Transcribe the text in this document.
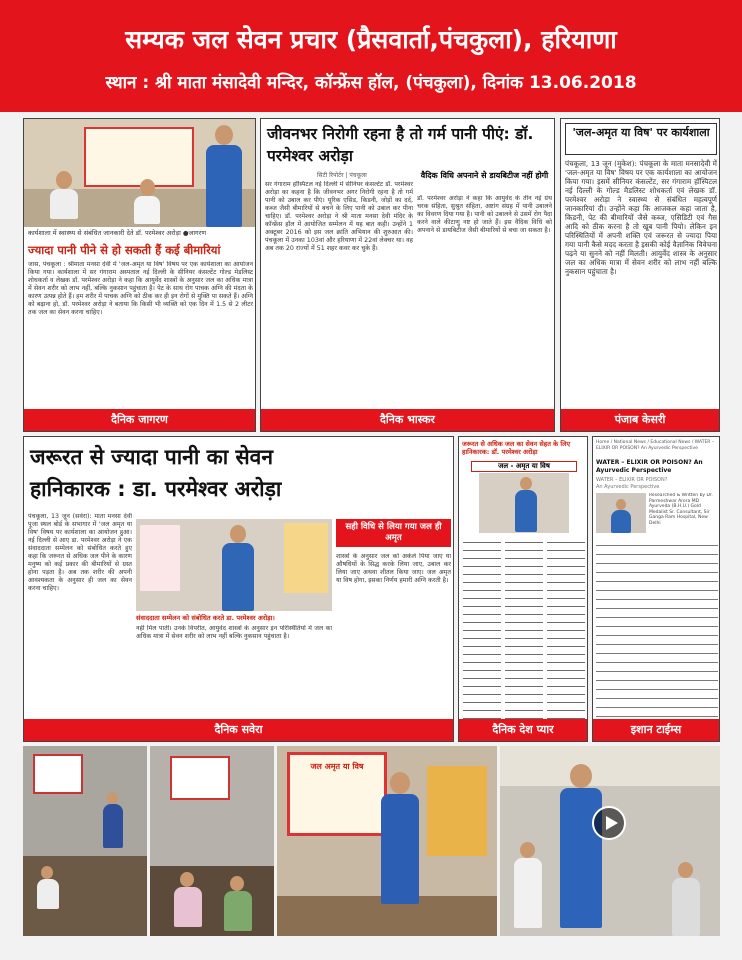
सम्यक जल सेवन प्रचार (प्रैसवार्ता,पंचकुला), हरियाणा
स्थान : श्री माता मंसादेवी मन्दिर, कॉन्फ्रेंस हॉल, (पंचकुला), दिनांक 13.06.2018
कार्यशाला में स्वास्थ्य से संबंधित जानकारी देते डॉ. परमेश्वर अरोड़ा ●जागरण
ज्यादा पानी पीने से हो सकती हैं कई बीमारियां
जास, पंचकूला : श्रीमाता मनसा देवी में 'जल-अमृत या विष' विषय पर एक कार्यशाला का आयोजन किया गया। कार्यशाला में सर गंगाराम अस्पताल नई दिल्ली के सीनियर कंसल्टेंट गोल्ड मेडलिस्ट शोधकर्ता व लेखक डॉ. परमेश्वर अरोड़ा ने कहा कि आयुर्वेद शास्त्रों के अनुसार जल का अधिक मात्रा में सेवन शरीर को लाभ नहीं, बल्कि नुकसान पहुंचाता है। पेट के साथ रोग पाचक अग्नि की मंदता के कारण उत्पन्न होते हैं। हम शरीर में पाचक अग्नि को ठीक कर ही इन रोगों से मुक्ति पा सकते हैं। अग्नि को बढ़ाना हो, डॉ. परमेश्वर अरोड़ा ने बताया कि किसी भी व्यक्ति को एक दिन में 1.5 से 2 लीटर तक जल का सेवन करना चाहिए।
दैनिक जागरण
जीवनभर निरोगी रहना है तो गर्म पानी पीएं: डॉ. परमेश्वर अरोड़ा
सिटी रिपोर्टर | पंचकूला
सर गंगाराम हॉस्पिटल नई दिल्ली में सीनियर कंसल्टेंट डॉ. परमेश्वर अरोड़ा का कहना है कि जीवनभर अगर निरोगी रहना है तो गर्म पानी को उबाल कर पीएं। यूरिक एसिड, किडनी, जोड़ों का दर्द, कब्ज जैसी बीमारियों से बचने के लिए पानी को उबाल कर पीना चाहिए। डॉ. परमेश्वर अरोड़ा ने श्री माता मनसा देवी मंदिर के कॉन्फ्रेंस हॉल में आयोजित सम्मेलन में यह बात कही। उन्होंने 1 अक्टूबर 2016 को इस जल क्रांति अभियान की शुरुआत की। पंचकूला में उनका 103वां और हरियाणा में 22वां लेक्चर था। वह अब तक 20 राज्यों में 51 शहर कवर कर चुके हैं।
वैदिक विधि अपनाने से डायबिटीज नहीं होगी
डॉ. परमेश्वर अरोड़ा ने कहा कि आयुर्वेद के तीन नई ग्रंथ चरक संहिता, सुश्रुत संहिता, अष्टांग संग्रह में पानी उबालने का विवरण दिया गया है। पानी को उबालने से उसमें रोग पैदा करने वाले कीटाणु नष्ट हो जाते हैं। इस वैदिक विधि को अपनाने से डायबिटीज जैसी बीमारियों से बचा जा सकता है।
दैनिक भास्कर
'जल-अमृत या विष' पर कार्यशाला
पंचकूला, 13 जून (मुकेश): पंचकूला के माता मनसादेवी में 'जल-अमृत या विष' विषय पर एक कार्यशाला का आयोजन किया गया। इसमें सीनियर कंसल्टेंट, सर गंगाराम हॉस्पिटल नई दिल्ली के गोल्ड मैडलिस्ट शोधकर्ता एवं लेखक डॉ. परमेश्वर अरोड़ा ने स्वास्थ्य से संबंधित महत्वपूर्ण जानकारियां दी। उन्होंने कहा कि आजकल कहा जाता है, किडनी, पेट की बीमारियों जैसे कब्ज, एसिडिटी एवं गैस आदि को ठीक करना है तो खूब पानी पियो। लेकिन इन परिस्थितियों में अपनी शक्ति एवं जरूरत से ज्यादा पिया गया पानी कैसे मदद करता है इसकी कोई वैज्ञानिक विवेचना पढ़ने या सुनने को नहीं मिलती। आयुर्वेद शास्त्र के अनुसार जल का अधिक मात्रा में सेवन शरीर को लाभ नहीं बल्कि नुकसान पहुंचाता है।
पंजाब केसरी
जरूरत से ज्यादा पानी का सेवन
हानिकारक : डा. परमेश्वर अरोड़ा
पंचकूला, 13 जून (सवेरा): माता मनसा देवी पूजा स्थल बोर्ड के सभागार में 'जल अमृत या विष' विषय पर कार्यशाला का आयोजन हुआ। नई दिल्ली से आए डा. परमेश्वर अरोड़ा ने एक संवाददाता सम्मेलन को संबोधित करते हुए कहा कि जरूरत से अधिक जल पीने के कारण मनुष्य को कई प्रकार की बीमारियों से ग्रस्त होना पड़ता है। अब तक शरीर की अपनी आवश्यकता के अनुसार ही जल का सेवन करना चाहिए।
संवाददाता सम्मेलन को संबोधित करते डा. परमेश्वर अरोड़ा।
नहीं मिल पाती। उनके विपरीत, आयुर्वेद शास्त्रों के अनुसार इन परिस्थितियों में जल का अधिक मात्रा में सेवन शरीर को लाभ नहीं बल्कि नुकसान पहुंचाता है।
सही विधि से लिया गया जल ही अमृत
शास्त्रों के अनुसार जल को अकेले पिया जाए या औषधियों के सिद्ध करके लिया जाए, उबाल कर लिया जाए अथवा शीतल किया जाए। जल अमृत या विष होगा, इसका निर्णय हमारी अग्नि करती है।
दैनिक सवेरा
जरूरत से अधिक जल का सेवन सेहत के लिए हानिकारक: डॉ. परमेश्वर अरोड़ा
जल - अमृत या विष
दैनिक देश प्यार
Home / National News / Educational News / WATER – ELIXIR OR POISON? An Ayurvedic Perspective
WATER – ELIXIR OR POISON? An Ayurvedic Perspective
WATER – ELIXIR OR POISON?
An Ayurvedic Perspective
Researched & Written by Dr. Parmeshwar Arora MD Ayurveda (B.H.U.) Gold Medalist Sr. Consultant, Sir Ganga Ram Hospital, New Delhi
इशान टाईम्स
जल अमृत या विष
